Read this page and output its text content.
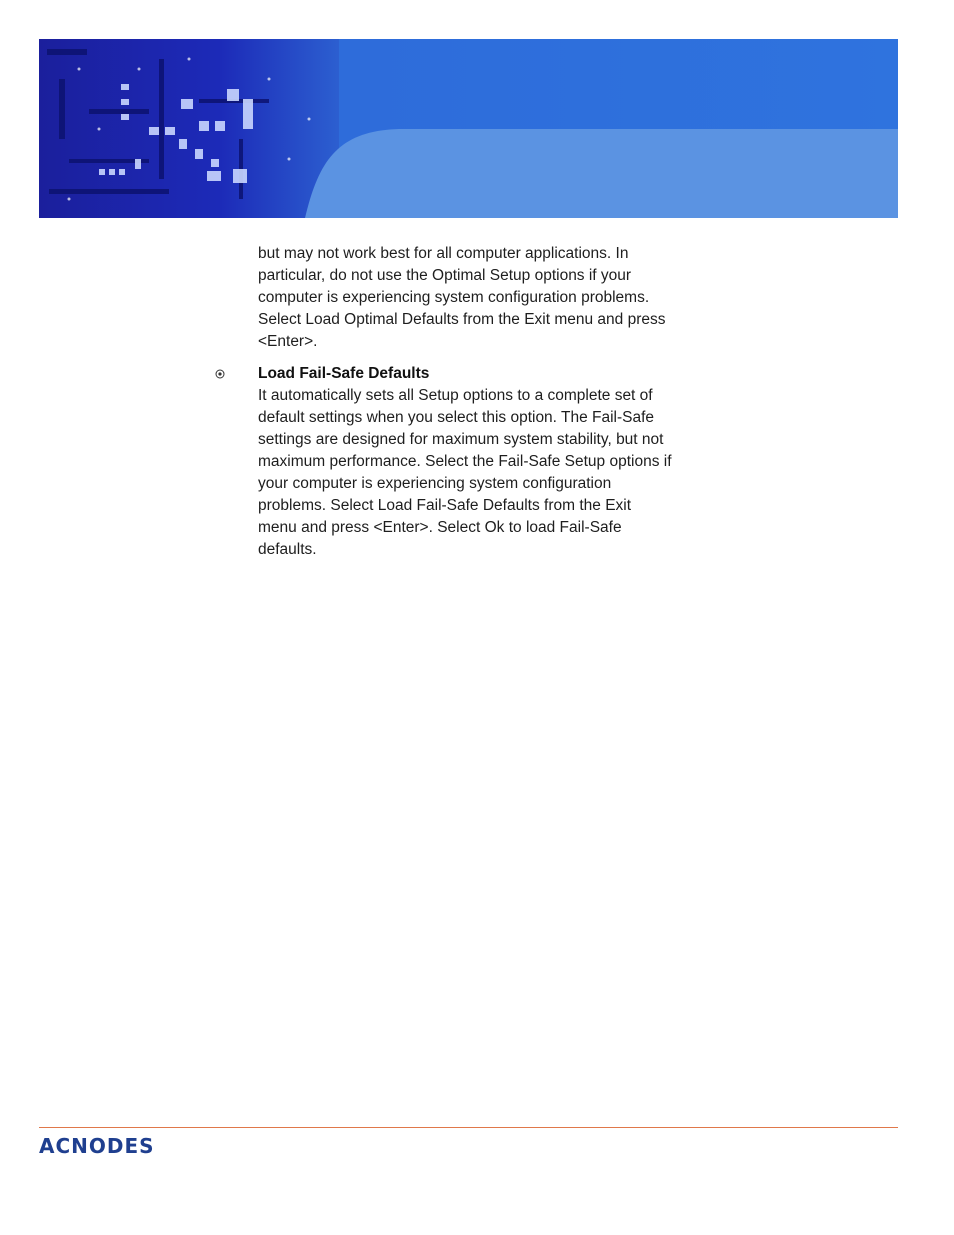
but may not work best for all computer applications. In
particular, do not use the Optimal Setup options if your
computer is experiencing system configuration problems.
Select Load Optimal Defaults from the Exit menu and press
<Enter>.
Load Fail-Safe Defaults
It automatically sets all Setup options to a complete set of
default settings when you select this option. The Fail-Safe
settings are designed for maximum system stability, but not
maximum performance. Select the Fail-Safe Setup options if
your computer is experiencing system configuration
problems. Select Load Fail-Safe Defaults from the Exit
menu and press <Enter>. Select Ok to load Fail-Safe
defaults.
ACNODES
